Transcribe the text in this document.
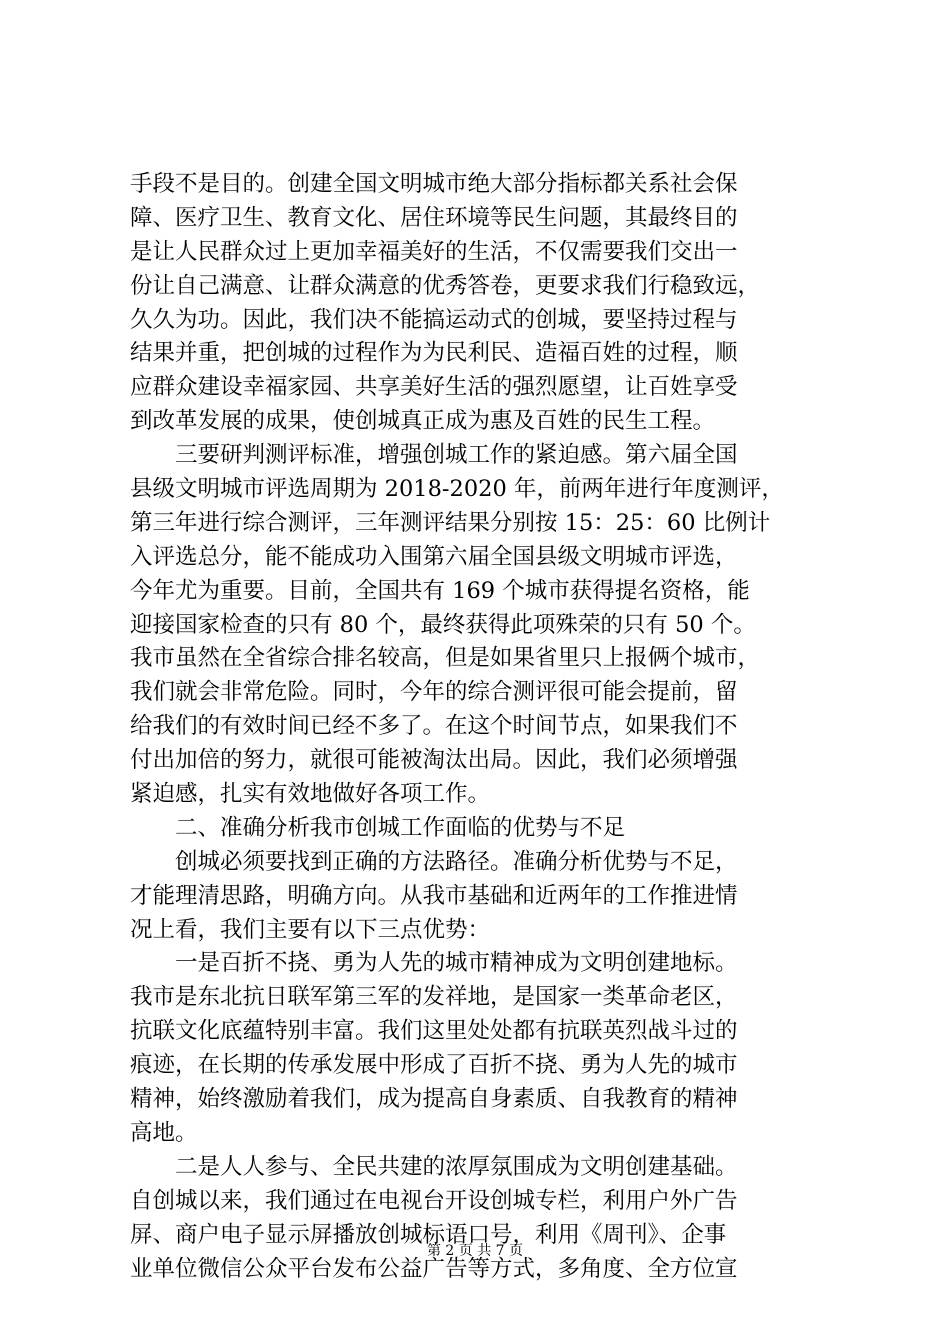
手段不是目的。创建全国文明城市绝大部分指标都关系社会保
障、医疗卫生、教育文化、居住环境等民生问题，其最终目的
是让人民群众过上更加幸福美好的生活，不仅需要我们交出一
份让自己满意、让群众满意的优秀答卷，更要求我们行稳致远，
久久为功。因此，我们决不能搞运动式的创城，要坚持过程与
结果并重，把创城的过程作为为民利民、造福百姓的过程，顺
应群众建设幸福家园、共享美好生活的强烈愿望，让百姓享受
到改革发展的成果，使创城真正成为惠及百姓的民生工程。
　　三要研判测评标准，增强创城工作的紧迫感。第六届全国
县级文明城市评选周期为 2018-2020 年，前两年进行年度测评，
第三年进行综合测评，三年测评结果分别按 15：25：60 比例计
入评选总分，能不能成功入围第六届全国县级文明城市评选，
今年尤为重要。目前，全国共有 169 个城市获得提名资格，能
迎接国家检查的只有 80 个，最终获得此项殊荣的只有 50 个。
我市虽然在全省综合排名较高，但是如果省里只上报俩个城市，
我们就会非常危险。同时，今年的综合测评很可能会提前，留
给我们的有效时间已经不多了。在这个时间节点，如果我们不
付出加倍的努力，就很可能被淘汰出局。因此，我们必须增强
紧迫感，扎实有效地做好各项工作。
　　二、准确分析我市创城工作面临的优势与不足
　　创城必须要找到正确的方法路径。准确分析优势与不足，
才能理清思路，明确方向。从我市基础和近两年的工作推进情
况上看，我们主要有以下三点优势：
　　一是百折不挠、勇为人先的城市精神成为文明创建地标。
我市是东北抗日联军第三军的发祥地，是国家一类革命老区，
抗联文化底蕴特别丰富。我们这里处处都有抗联英烈战斗过的
痕迹，在长期的传承发展中形成了百折不挠、勇为人先的城市
精神，始终激励着我们，成为提高自身素质、自我教育的精神
高地。
　　二是人人参与、全民共建的浓厚氛围成为文明创建基础。
自创城以来，我们通过在电视台开设创城专栏，利用户外广告
屏、商户电子显示屏播放创城标语口号，利用《周刊》、企事
业单位微信公众平台发布公益广告等方式，多角度、全方位宣
第 2 页 共 7 页
